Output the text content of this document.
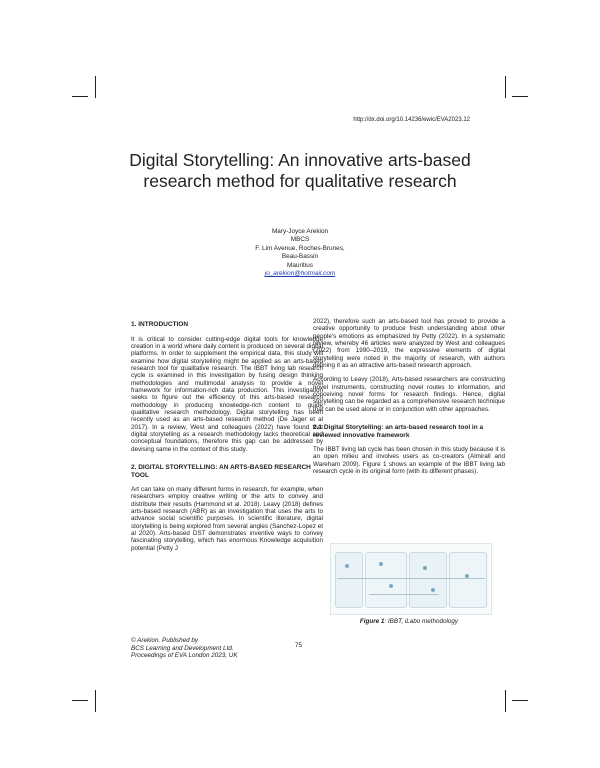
http://dx.doi.org/10.14236/ewic/EVA2023.12
Digital Storytelling: An innovative arts-based
research method for qualitative research
Mary-Joyce Arekion
MBCS
F. Lim Avenue, Roches-Brunes,
Beau-Bassin
Mauritius
jo_arekion@hotmail.com
1. INTRODUCTION

It is critical to consider cutting-edge digital tools for knowledge creation in a world where daily content is produced on several digital platforms. In order to supplement the empirical data, this study will examine how digital storytelling might be applied as an arts-based research tool for qualitative research. The IBBT living lab research cycle is examined in this investigation by fusing design thinking methodologies and multimodal analysis to provide a novel framework for information-rich data production. This investigation seeks to figure out the efficiency of this arts-based research methodology in producing knowledge-rich content to guide qualitative research methodology. Digital storytelling has been recently used as an arts-based research method (De Jager et al 2017). In a review, West and colleagues (2022) have found that digital storytelling as a research methodology lacks theoretical and conceptual foundations, therefore this gap can be addressed by devising same in the context of this study.

2. DIGITAL STORYTELLING: AN ARTS-BASED RESEARCH TOOL

Art can take on many different forms in research, for example, when researchers employ creative writing or the arts to convey and distribute their results (Hammond et al. 2018). Leavy (2018) defines arts-based research (ABR) as an investigation that uses the arts to advance social scientific purposes. In scientific literature, digital storytelling is being explored from several angles (Sanchez-Lopez et al 2020). Arts-based DST demonstrates inventive ways to convey fascinating storytelling, which has enormous Knowledge acquisition potential (Petty J

2022), therefore such an arts-based tool has proved to provide a creative opportunity to produce fresh understanding about other people's emotions as emphasized by Petty (2022). In a systematic review, whereby 46 articles were analyzed by West and colleagues (2022) from 1990–2019, the expressive elements of digital storytelling were noted in the majority of research, with authors defining it as an attractive arts-based research approach.

According to Leavy (2018), Arts-based researchers are constructing novel instruments, constructing novel routes to information, and conceiving novel forms for research findings. Hence, digital storytelling can be regarded as a comprehensive research technique that can be used alone or in conjunction with other approaches.

2.1 Digital Storytelling: an arts-based research tool in a reviewed innovative framework

The IBBT living lab cycle has been chosen in this study because it is an open milieu and involves users as co-creators (Almirall and Wareham 2009). Figure 1 shows an example of the IBBT living lab research cycle in its original form (with its different phases).

Figure 1: IBBT, iLabo methodology
© Arekion. Published by
BCS Learning and Development Ltd.
Proceedings of EVA London 2023, UK
75
